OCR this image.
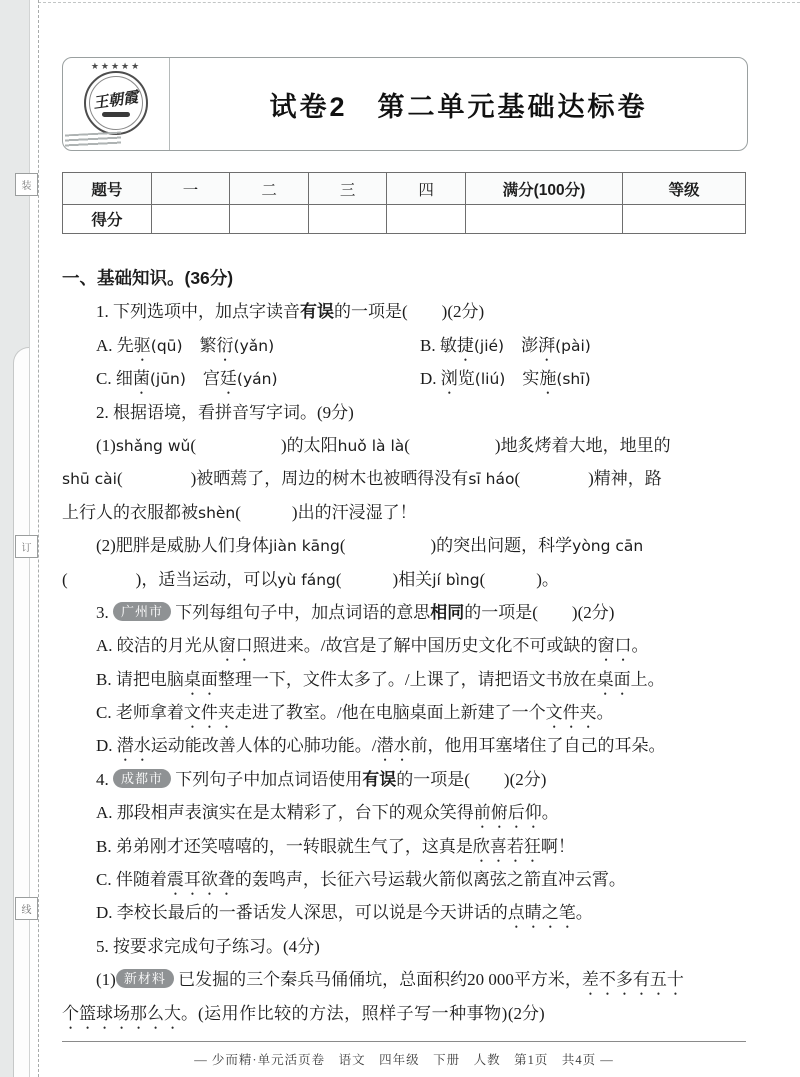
装
订
线
★★★★★
王朝霞	试卷2　第二单元基础达标卷
题号	一	二	三	四	满分(100分)	等级
得分						
一、基础知识。(36分)
1. 下列选项中，加点字读音有误的一项是(　　)(2分)
A. 先驱(qū)　繁衍(yǎn)	B. 敏捷(jié)　澎湃(pài)
C. 细菌(jūn)　宫廷(yán)	D. 浏览(liú)　实施(shī)
2. 根据语境，看拼音写字词。(9分)
(1)shǎng wǔ(　　　　　)的太阳huǒ là là(　　　　　)地炙烤着大地，地里的
shū cài(　　　　)被晒蔫了，周边的树木也被晒得没有sī háo(　　　　)精神，路
上行人的衣服都被shèn(　　　)出的汗浸湿了！
(2)肥胖是威胁人们身体jiàn kāng(　　　　　)的突出问题，科学yòng cān
(　　　　)，适当运动，可以yù fáng(　　　)相关jí bìng(　　　)。
3. 广州市 下列每组句子中，加点词语的意思相同的一项是(　　)(2分)
A. 皎洁的月光从窗口照进来。/故宫是了解中国历史文化不可或缺的窗口。
B. 请把电脑桌面整理一下，文件太多了。/上课了，请把语文书放在桌面上。
C. 老师拿着文件夹走进了教室。/他在电脑桌面上新建了一个文件夹。
D. 潜水运动能改善人体的心肺功能。/潜水前，他用耳塞堵住了自己的耳朵。
4. 成都市 下列句子中加点词语使用有误的一项是(　　)(2分)
A. 那段相声表演实在是太精彩了，台下的观众笑得前俯后仰。
B. 弟弟刚才还笑嘻嘻的，一转眼就生气了，这真是欣喜若狂啊！
C. 伴随着震耳欲聋的轰鸣声，长征六号运载火箭似离弦之箭直冲云霄。
D. 李校长最后的一番话发人深思，可以说是今天讲话的点睛之笔。
5. 按要求完成句子练习。(4分)
(1) 新材料 已发掘的三个秦兵马俑俑坑，总面积约20 000平方米，差不多有五十
个篮球场那么大。(运用作比较的方法，照样子写一种事物)(2分)
— 少而精·单元活页卷　语文　四年级　下册　人教　第1页　共4页 —
